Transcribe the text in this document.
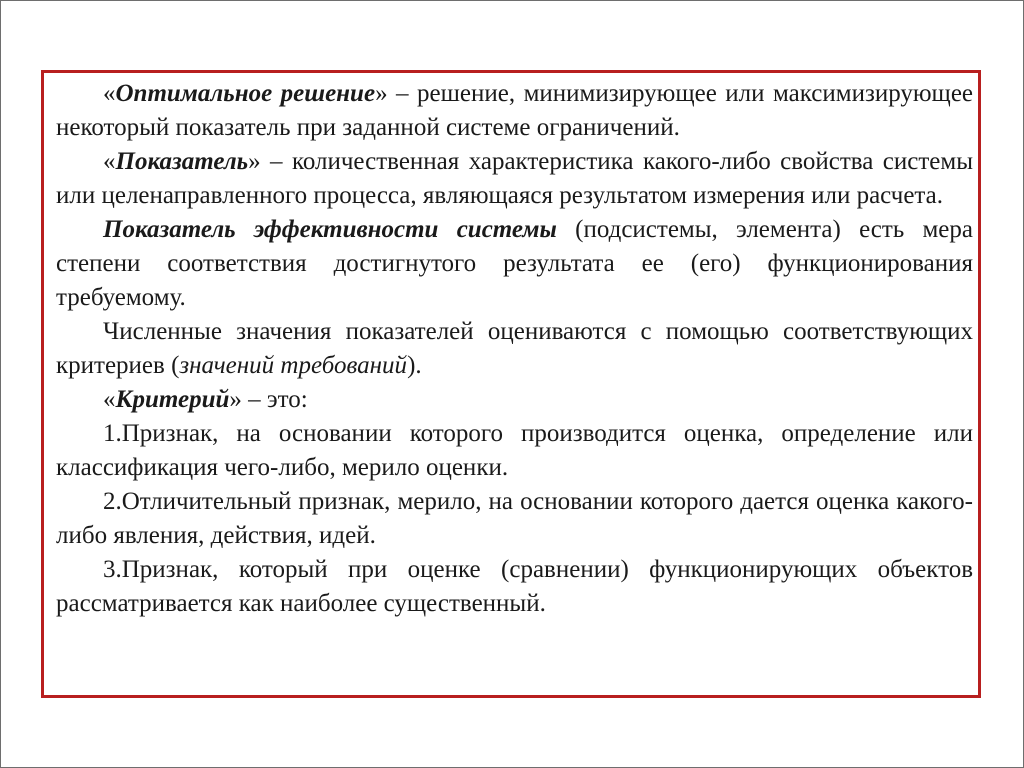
«Оптимальное решение» – решение, минимизирующее или максимизирующее некоторый показатель при заданной системе ограничений.

«Показатель» – количественная характеристика какого-либо свойства системы или целенаправленного процесса, являющаяся результатом измерения или расчета.

Показатель эффективности системы (подсистемы, элемента) есть мера степени соответствия достигнутого результата ее (его) функционирования требуемому.

Численные значения показателей оцениваются с помощью соответствующих критериев (значений требований).

«Критерий» – это:

1.Признак, на основании которого производится оценка, определение или классификация чего-либо, мерило оценки.

2.Отличительный признак, мерило, на основании которого дается оценка какого-либо явления, действия, идей.

3.Признак, который при оценке (сравнении) функционирующих объектов рассматривается как наиболее существенный.
